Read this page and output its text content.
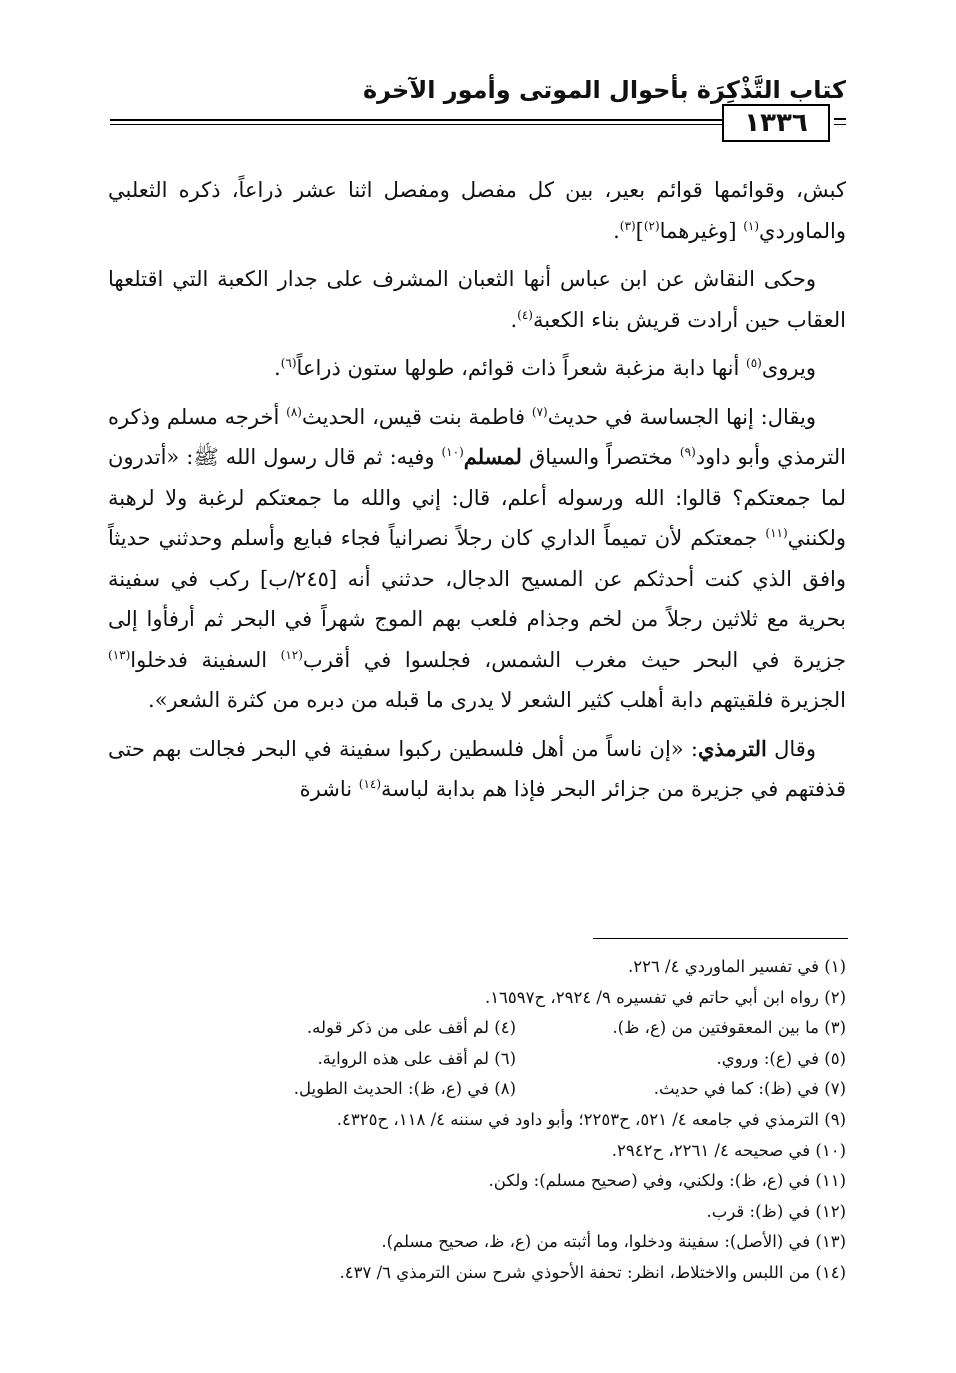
كتاب التَّذْكِرَة بأحوال الموتى وأمور الآخرة
١٣٣٦

كبش، وقوائمها قوائم بعير، بين كل مفصل ومفصل اثنا عشر ذراعاً، ذكره الثعلبي والماوردي$^{(١)}$ [وغيرهما$^{(٢)}$]$^{(٣)}$.

وحكى النقاش عن ابن عباس أنها الثعبان المشرف على جدار الكعبة التي اقتلعها العقاب حين أرادت قريش بناء الكعبة$^{(٤)}$.

ويروى$^{(٥)}$ أنها دابة مزغبة شعراً ذات قوائم، طولها ستون ذراعاً$^{(٦)}$.

ويقال: إنها الجساسة في حديث$^{(٧)}$ فاطمة بنت قيس، الحديث$^{(٨)}$ أخرجه مسلم وذكره الترمذي وأبو داود$^{(٩)}$ مختصراً والسياق لمسلم$^{(١٠)}$ وفيه: ثم قال رسول الله ﷺ: «أتدرون لما جمعتكم؟ قالوا: الله ورسوله أعلم، قال: إني والله ما جمعتكم لرغبة ولا لرهبة ولكنني$^{(١١)}$ جمعتكم لأن تميماً الداري كان رجلاً نصرانياً فجاء فبايع وأسلم وحدثني حديثاً وافق الذي كنت أحدثكم عن المسيح الدجال، حدثني أنه [٢٤٥/ب] ركب في سفينة بحرية مع ثلاثين رجلاً من لخم وجذام فلعب بهم الموج شهراً في البحر ثم أرفأوا إلى جزيرة في البحر حيث مغرب الشمس، فجلسوا في أقرب$^{(١٢)}$ السفينة فدخلوا$^{(١٣)}$ الجزيرة فلقيتهم دابة أهلب كثير الشعر لا يدرى ما قبله من دبره من كثرة الشعر».

وقال الترمذي: «إن ناساً من أهل فلسطين ركبوا سفينة في البحر فجالت بهم حتى قذفتهم في جزيرة من جزائر البحر فإذا هم بدابة لباسة$^{(١٤)}$ ناشرة

(١) في تفسير الماوردي ٤/ ٢٢٦.
(٢) رواه ابن أبي حاتم في تفسيره ٩/ ٢٩٢٤، ح١٦٥٩٧.
(٣) ما بين المعقوفتين من (ع، ظ).
(٤) لم أقف على من ذكر قوله.
(٥) في (ع): وروي.
(٦) لم أقف على هذه الرواية.
(٧) في (ظ): كما في حديث.
(٨) في (ع، ظ): الحديث الطويل.
(٩) الترمذي في جامعه ٤/ ٥٢١، ح٢٢٥٣؛ وأبو داود في سننه ٤/ ١١٨، ح٤٣٢٥.
(١٠) في صحيحه ٤/ ٢٢٦١، ح٢٩٤٢.
(١١) في (ع، ظ): ولكني، وفي (صحيح مسلم): ولكن.
(١٢) في (ظ): قرب.
(١٣) في (الأصل): سفينة ودخلوا، وما أثبته من (ع، ظ، صحيح مسلم).
(١٤) من اللبس والاختلاط، انظر: تحفة الأحوذي شرح سنن الترمذي ٦/ ٤٣٧.
